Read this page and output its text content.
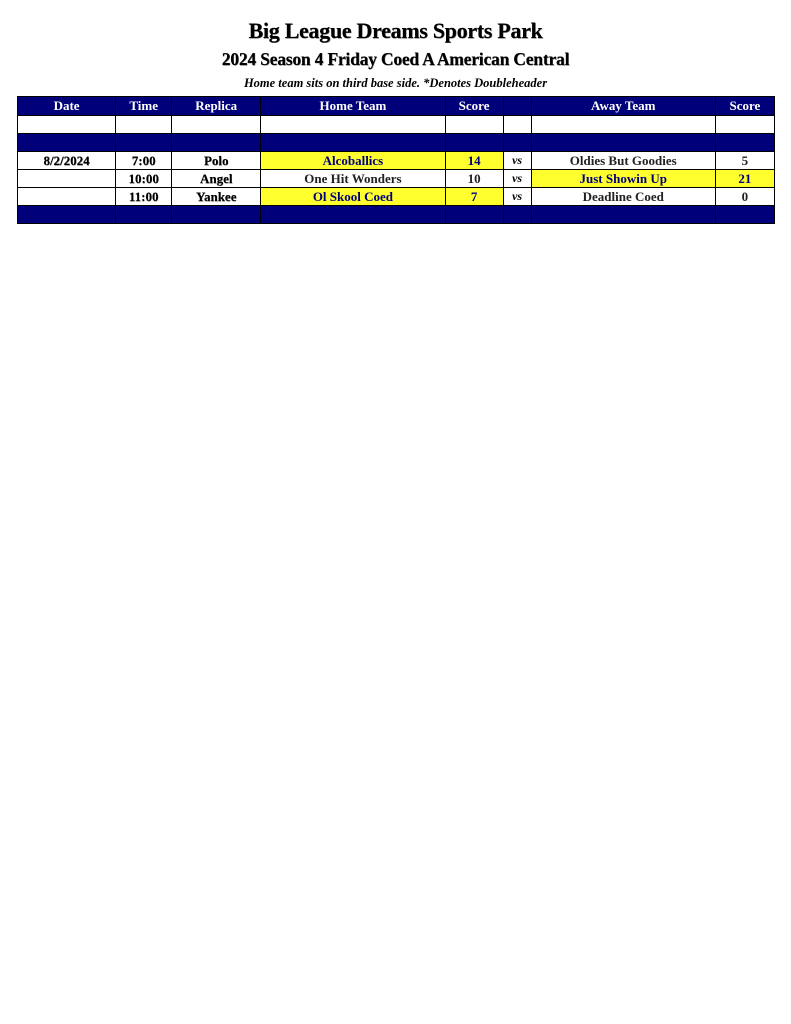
Big League Dreams Sports Park
2024 Season 4 Friday Coed A American Central
Home team sits on third base side. *Denotes Doubleheader
Date	Time	Replica	Home Team	Score		Away Team	Score

8/2/2024	7:00	Polo	Alcoballics	14	vs	Oldies But Goodies	5
	10:00	Angel	One Hit Wonders	10	vs	Just Showin Up	21
	11:00	Yankee	Ol Skool Coed	7	vs	Deadline Coed	0
